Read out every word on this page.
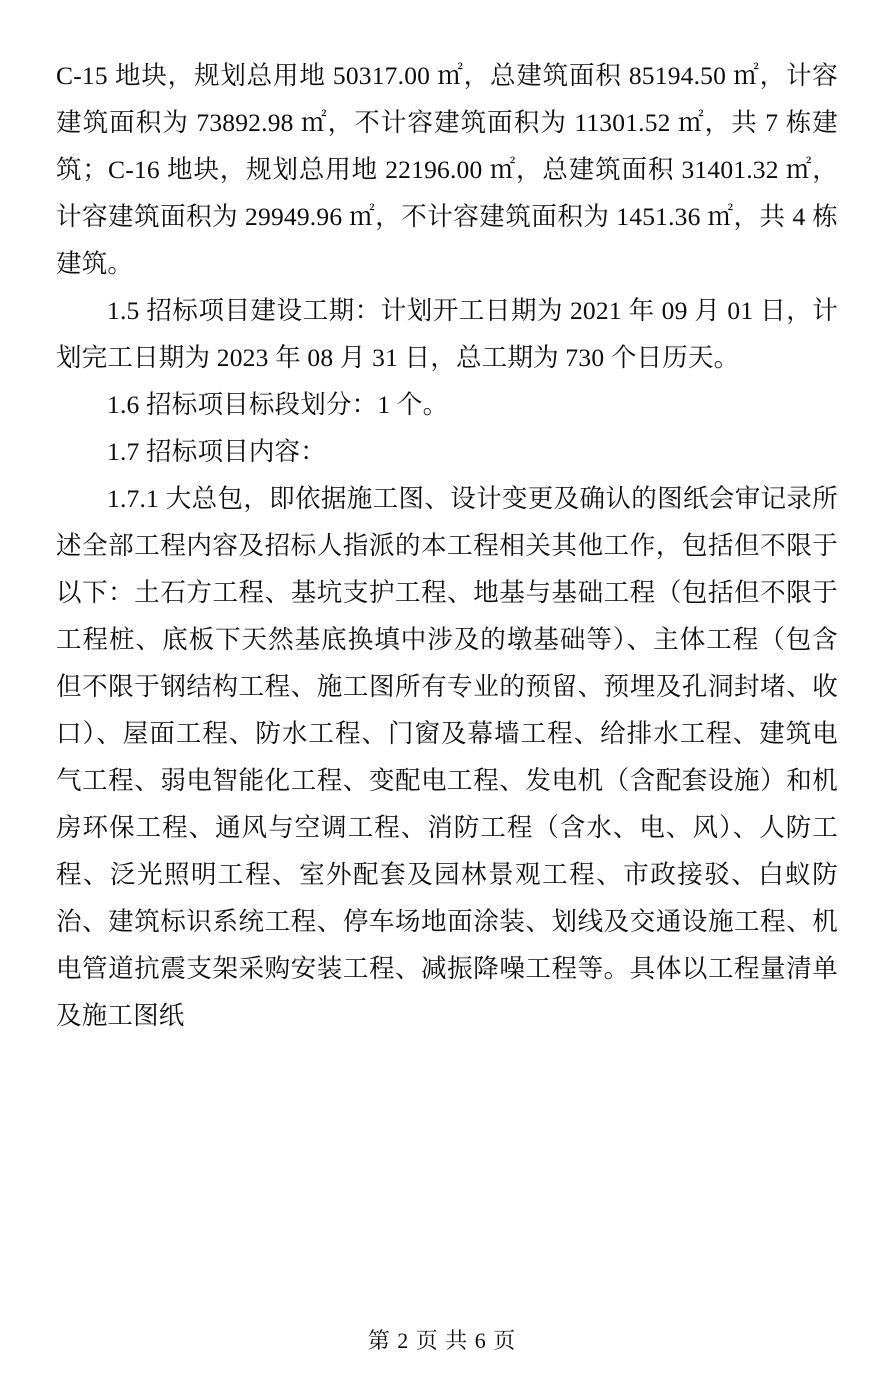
C-15 地块，规划总用地 50317.00 ㎡，总建筑面积 85194.50 ㎡，计容建筑面积为 73892.98 ㎡，不计容建筑面积为 11301.52 ㎡，共 7 栋建筑；C-16 地块，规划总用地 22196.00 ㎡，总建筑面积 31401.32 ㎡，计容建筑面积为 29949.96 ㎡，不计容建筑面积为 1451.36 ㎡，共 4 栋建筑。

1.5 招标项目建设工期：计划开工日期为 2021 年 09 月 01 日，计划完工日期为 2023 年 08 月 31 日，总工期为 730 个日历天。

1.6 招标项目标段划分：1 个。

1.7 招标项目内容：

1.7.1 大总包，即依据施工图、设计变更及确认的图纸会审记录所述全部工程内容及招标人指派的本工程相关其他工作，包括但不限于以下：土石方工程、基坑支护工程、地基与基础工程（包括但不限于工程桩、底板下天然基底换填中涉及的墩基础等）、主体工程（包含但不限于钢结构工程、施工图所有专业的预留、预埋及孔洞封堵、收口）、屋面工程、防水工程、门窗及幕墙工程、给排水工程、建筑电气工程、弱电智能化工程、变配电工程、发电机（含配套设施）和机房环保工程、通风与空调工程、消防工程（含水、电、风）、人防工程、泛光照明工程、室外配套及园林景观工程、市政接驳、白蚁防治、建筑标识系统工程、停车场地面涂装、划线及交通设施工程、机电管道抗震支架采购安装工程、减振降噪工程等。具体以工程量清单及施工图纸

第 2 页 共 6 页
